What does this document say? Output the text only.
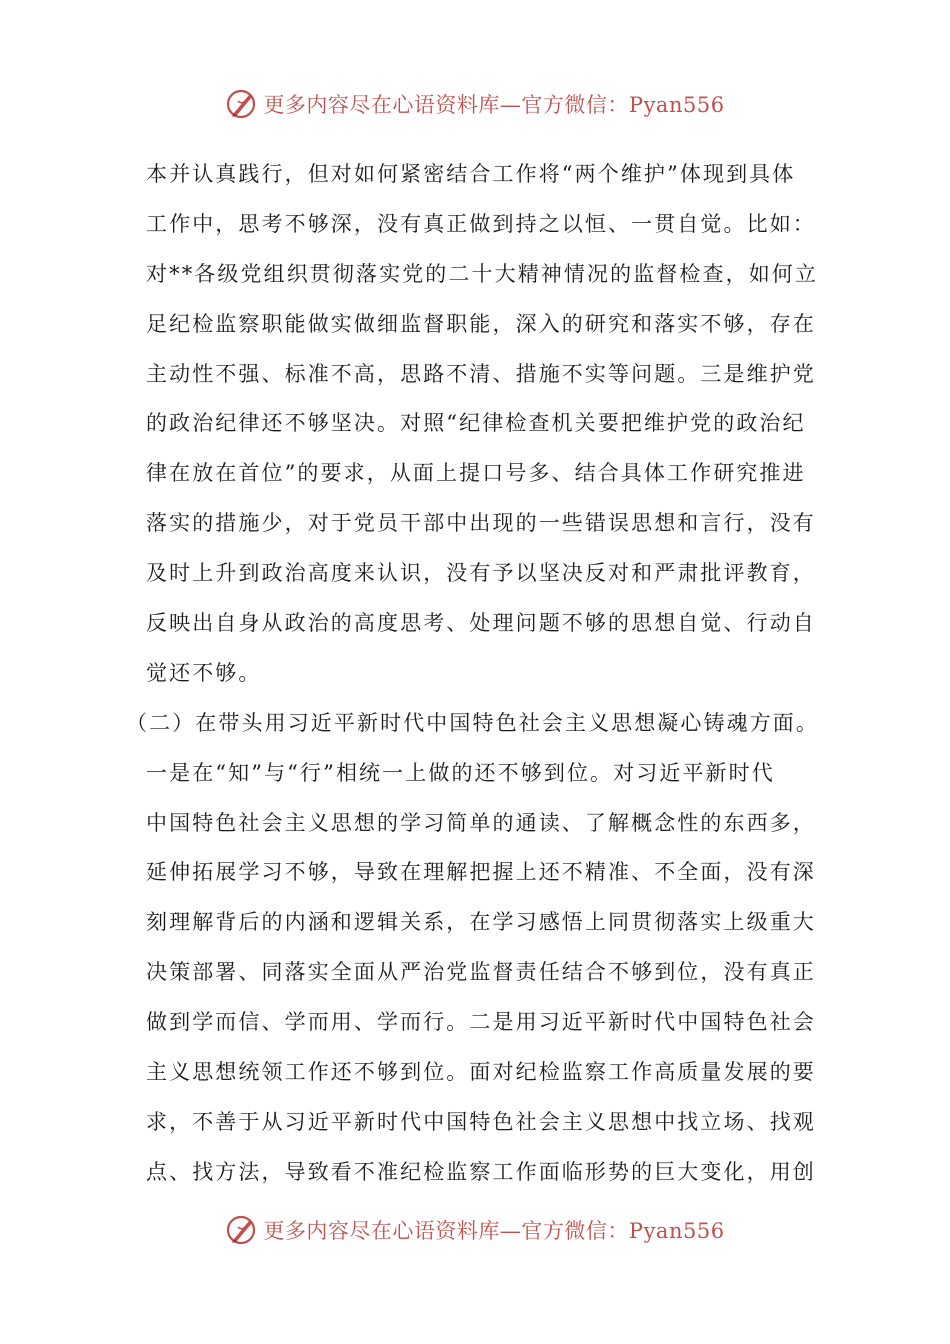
更多内容尽在心语资料库—官方微信：Pyan556
本并认真践行，但对如何紧密结合工作将“两个维护”体现到具体
工作中，思考不够深，没有真正做到持之以恒、一贯自觉。比如：
对**各级党组织贯彻落实党的二十大精神情况的监督检查，如何立
足纪检监察职能做实做细监督职能，深入的研究和落实不够，存在
主动性不强、标准不高，思路不清、措施不实等问题。三是维护党
的政治纪律还不够坚决。对照“纪律检查机关要把维护党的政治纪
律在放在首位”的要求，从面上提口号多、结合具体工作研究推进
落实的措施少，对于党员干部中出现的一些错误思想和言行，没有
及时上升到政治高度来认识，没有予以坚决反对和严肃批评教育，
反映出自身从政治的高度思考、处理问题不够的思想自觉、行动自
觉还不够。
（二）在带头用习近平新时代中国特色社会主义思想凝心铸魂方面。
一是在“知”与“行”相统一上做的还不够到位。对习近平新时代
中国特色社会主义思想的学习简单的通读、了解概念性的东西多，
延伸拓展学习不够，导致在理解把握上还不精准、不全面，没有深
刻理解背后的内涵和逻辑关系，在学习感悟上同贯彻落实上级重大
决策部署、同落实全面从严治党监督责任结合不够到位，没有真正
做到学而信、学而用、学而行。二是用习近平新时代中国特色社会
主义思想统领工作还不够到位。面对纪检监察工作高质量发展的要
求，不善于从习近平新时代中国特色社会主义思想中找立场、找观
点、找方法，导致看不准纪检监察工作面临形势的巨大变化，用创
更多内容尽在心语资料库—官方微信：Pyan556
